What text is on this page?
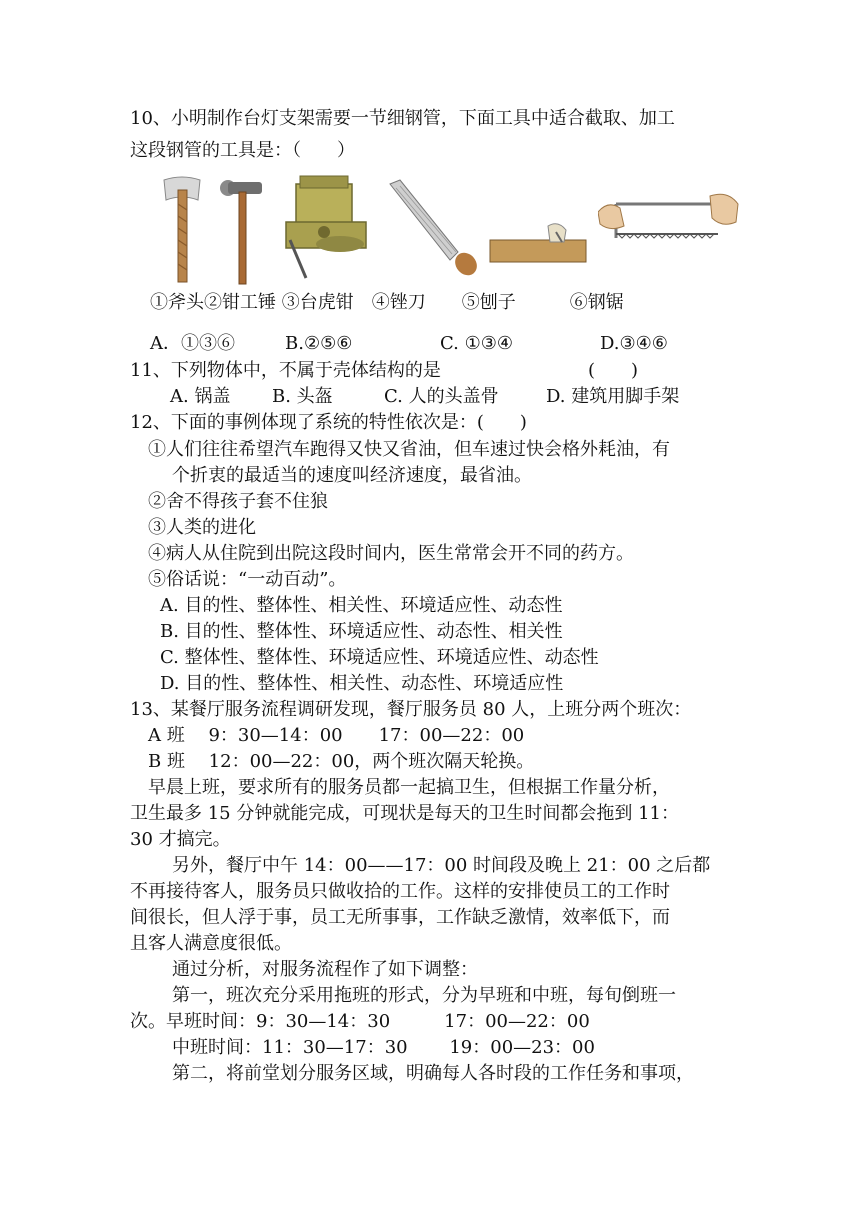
10、小明制作台灯支架需要一节细钢管，下面工具中适合截取、加工
这段钢管的工具是：（　　）
①斧头②钳工锤 ③台虎钳　④锉刀　　⑤刨子　　　⑥钢锯
A．①③⑥	B.②⑤⑥	C. ①③④	D.③④⑥
11、下列物体中，不属于壳体结构的是	(　　)
A. 锅盖 B. 头盔	C. 人的头盖骨	D. 建筑用脚手架
12、下面的事例体现了系统的特性依次是：(　　)
①人们往往希望汽车跑得又快又省油，但车速过快会格外耗油，有
个折衷的最适当的速度叫经济速度，最省油。
②舍不得孩子套不住狼
③人类的进化
④病人从住院到出院这段时间内，医生常常会开不同的药方。
⑤俗话说：“一动百动”。
A. 目的性、整体性、相关性、环境适应性、动态性
B. 目的性、整体性、环境适应性、动态性、相关性
C. 整体性、整体性、环境适应性、环境适应性、动态性
D. 目的性、整体性、相关性、动态性、环境适应性
13、某餐厅服务流程调研发现，餐厅服务员 80 人，上班分两个班次：
A 班　 9：30—14：00　　17：00—22：00
B 班　 12：00—22：00，两个班次隔天轮换。
早晨上班，要求所有的服务员都一起搞卫生，但根据工作量分析，
卫生最多 15 分钟就能完成，可现状是每天的卫生时间都会拖到 11：
30 才搞完。
另外，餐厅中午 14：00——17：00 时间段及晚上 21：00 之后都
不再接待客人，服务员只做收拾的工作。这样的安排使员工的工作时
间很长，但人浮于事，员工无所事事，工作缺乏激情，效率低下，而
且客人满意度很低。
通过分析，对服务流程作了如下调整：
第一，班次充分采用拖班的形式，分为早班和中班，每旬倒班一
次。早班时间：9：30—14：30　　　17：00—22：00
中班时间：11：30—17：30　　 19：00—23：00
第二，将前堂划分服务区域，明确每人各时段的工作任务和事项，
